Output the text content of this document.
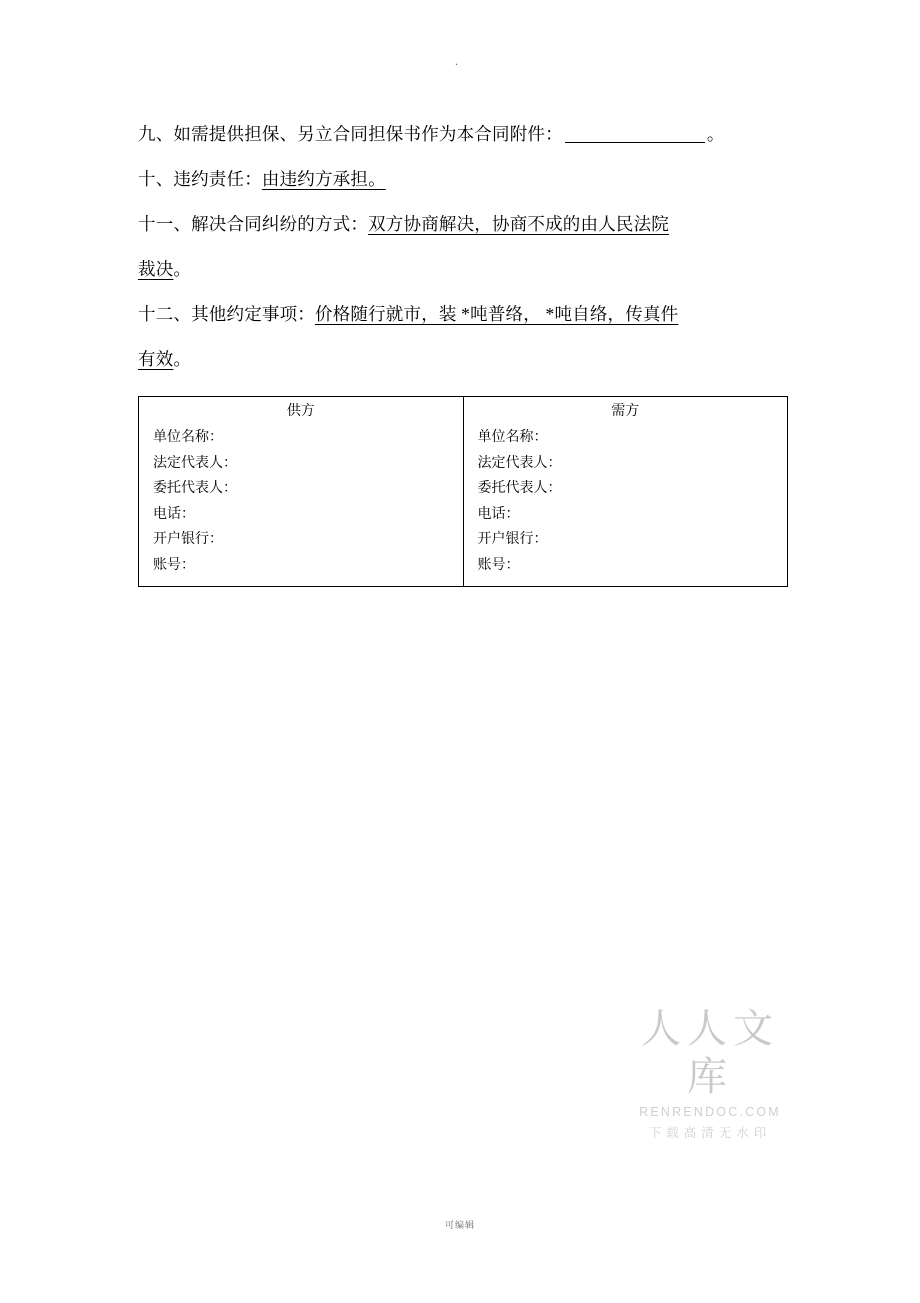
.
九、如需提供担保、另立合同担保书作为本合同附件：	。
十、违约责任：由违约方承担。
十一、解决合同纠纷的方式：双方协商解决，协商不成的由人民法院
裁决。
十二、其他约定事项：价格随行就市，装 *吨普络， *吨自络，传真件
有效。
供方
单位名称：
法定代表人：
委托代表人：
电话：
开户银行：
账号：

需方
单位名称：
法定代表人：
委托代表人：
电话：
开户银行：
账号：
人人文库
RENRENDOC.COM
下载高清无水印
可编辑
